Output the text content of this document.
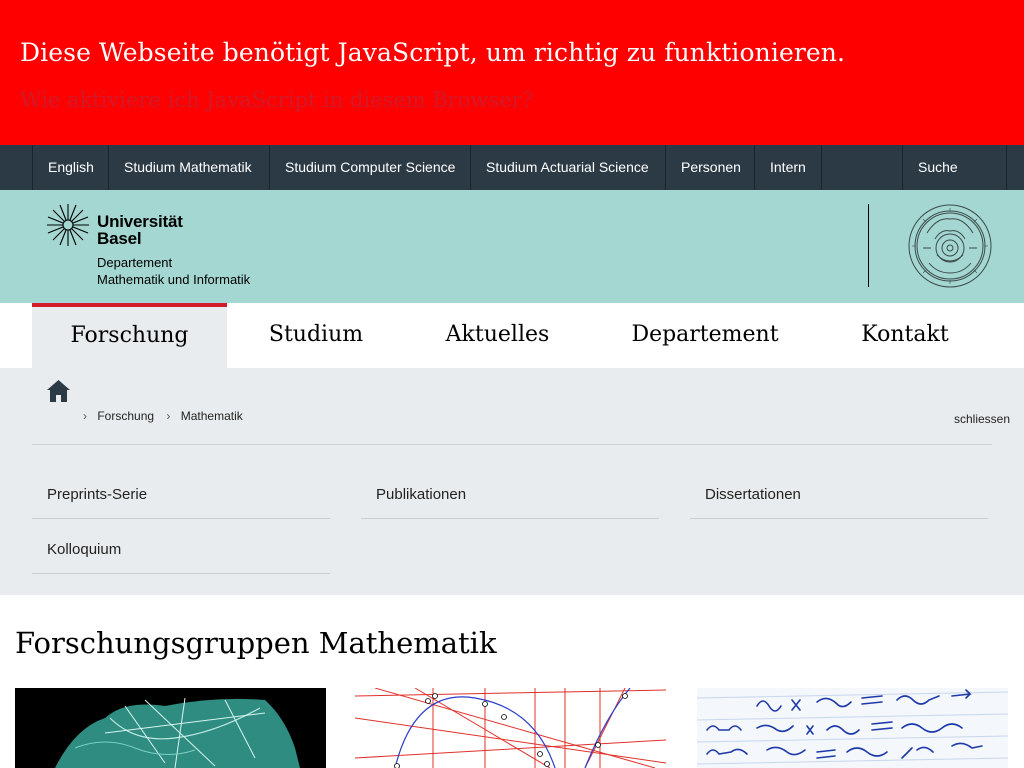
Diese Webseite benötigt JavaScript, um richtig zu funktionieren.
Wie aktiviere ich JavaScript in diesem Browser?
English	Studium Mathematik	Studium Computer Science	Studium Actuarial Science	Personen	Intern	Suche
Universität
Basel
Departement
Mathematik und Informatik
Forschung	Studium	Aktuelles	Departement	Kontakt
› Forschung › Mathematik	schliessen
Preprints-Serie	Publikationen	Dissertationen
Kolloquium
Forschungsgruppen Mathematik
